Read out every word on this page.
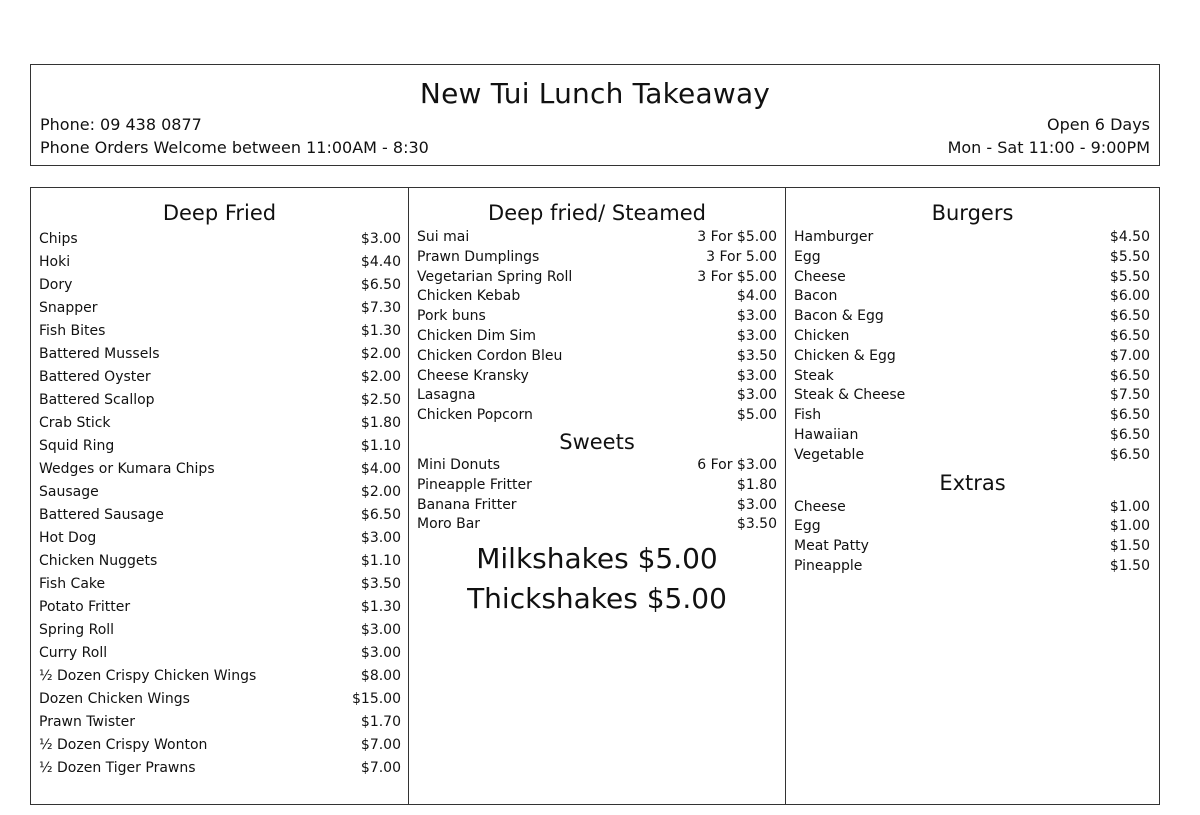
New Tui Lunch Takeaway
Phone: 09 438 0877
Phone Orders Welcome between 11:00AM - 8:30
Open 6 Days
Mon - Sat 11:00 - 9:00PM
Deep Fried
Chips	$3.00
Hoki	$4.40
Dory	$6.50
Snapper	$7.30
Fish Bites	$1.30
Battered Mussels	$2.00
Battered Oyster	$2.00
Battered Scallop	$2.50
Crab Stick	$1.80
Squid Ring	$1.10
Wedges or Kumara Chips	$4.00
Sausage	$2.00
Battered Sausage	$6.50
Hot Dog	$3.00
Chicken Nuggets	$1.10
Fish Cake	$3.50
Potato Fritter	$1.30
Spring Roll	$3.00
Curry Roll	$3.00
½ Dozen Crispy Chicken Wings	$8.00
Dozen Chicken Wings	$15.00
Prawn Twister	$1.70
½ Dozen Crispy Wonton	$7.00
½ Dozen Tiger Prawns	$7.00
Deep fried/ Steamed
Sui mai	3 For $5.00
Prawn Dumplings	3 For 5.00
Vegetarian Spring Roll	3 For $5.00
Chicken Kebab	$4.00
Pork buns	$3.00
Chicken Dim Sim	$3.00
Chicken Cordon Bleu	$3.50
Cheese Kransky	$3.00
Lasagna	$3.00
Chicken Popcorn	$5.00
Sweets
Mini Donuts	6 For $3.00
Pineapple Fritter	$1.80
Banana Fritter	$3.00
Moro Bar	$3.50
Milkshakes $5.00
Thickshakes $5.00
Burgers
Hamburger	$4.50
Egg	$5.50
Cheese	$5.50
Bacon	$6.00
Bacon & Egg	$6.50
Chicken	$6.50
Chicken & Egg	$7.00
Steak	$6.50
Steak & Cheese	$7.50
Fish	$6.50
Hawaiian	$6.50
Vegetable	$6.50
Extras
Cheese	$1.00
Egg	$1.00
Meat Patty	$1.50
Pineapple	$1.50
